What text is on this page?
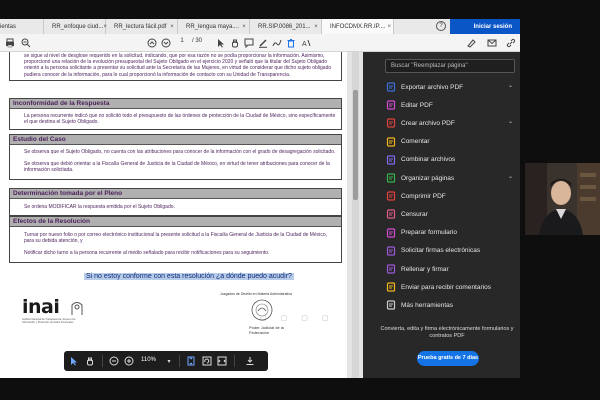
ientas	RR_enfoque ciud... × RR_lectura fácil.pdf ×	RR_lengua maya.... ×	RR.SIP.0086_201... ×	INFOCDMX.RR.IP.... ×	?	Iniciar sesión
1	/ 30	A
se sigue al nivel de desglose requerido en la solicitud, indicando, que por esa razón no se podía proporcionar la información. Asimismo, proporcionó una relación de la evolución presupuestal del Sujeto Obligado en el ejercicio 2020 y señaló que la titular del Sujeto Obligado orientó a la persona solicitante a presentar su solicitud ante la Secretaría de las Mujeres, en virtud de considerar que dicho sujeto obligado pudiera conocer de la información, para lo cual proporcionó la información de contacto con su Unidad de Transparencia.
Inconformidad de la Respuesta
La persona recurrente indicó que no solicitó todo el presupuesto de las órdenes de protección de la Ciudad de México, sino específicamente el que destina el Sujeto Obligado.
Estudio del Caso
Se observa que el Sujeto Obligado, no cuenta con las atribuciones para conocer de la información con el grado de desagregación solicitado.
Se observa que debió orientar a la Fiscalía General de Justicia de la Ciudad de México, en virtud de tener atribuciones para conocer de la información solicitada.
Determinación tomada por el Pleno
Se ordena MODIFICAR la respuesta emitida por el Sujeto Obligado.
Efectos de la Resolución
Turnar por nuevo folio o por correo electrónico institucional la presente solicitud a la Fiscalía General de Justicia de la Ciudad de México, para su debida atención, y
Notificar dicho turno a la persona recurrente al medio señalado para recibir notificaciones para su seguimiento.
▢ ▢ ▢ ▢
Si no estoy conforme con esta resolución ¿a dónde puedo acudir?
inai
Instituto Nacional de Transparencia, Acceso a la Información y Protección de Datos Personales
Juzgados de Distrito en Materia Administrativa
Poder Judicial de la Federación
110%	▾
Buscar "Reemplazar página"
Exportar archivo PDF	⌄
Editar PDF
Crear archivo PDF	⌄
Comentar
Combinar archivos
Organizar páginas	⌄
Comprimir PDF
Censurar
Preparar formulario
Solicitar firmas electrónicas
Rellenar y firmar
Enviar para recibir comentarios
Más herramientas
Convierta, edita y firma electrónicamente formularios y contratos PDF
Prueba gratis de 7 días
